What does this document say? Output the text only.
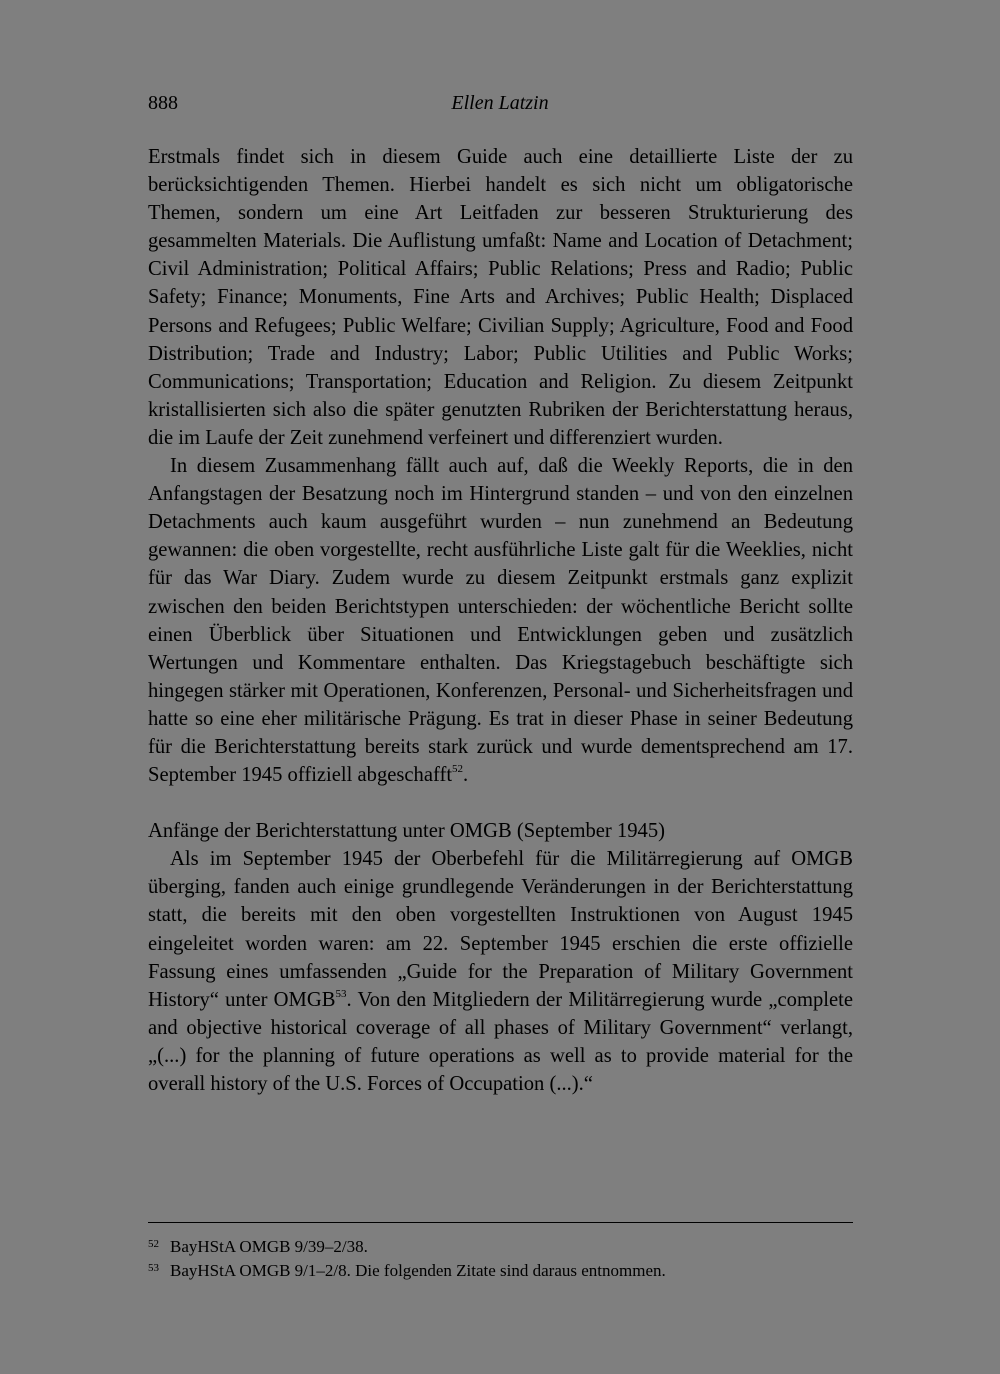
888	Ellen Latzin

Erstmals findet sich in diesem Guide auch eine detaillierte Liste der zu berücksichtigenden Themen. Hierbei handelt es sich nicht um obligatorische Themen, sondern um eine Art Leitfaden zur besseren Strukturierung des gesammelten Materials. Die Auflistung umfaßt: Name and Location of Detachment; Civil Administration; Political Affairs; Public Relations; Press and Radio; Public Safety; Finance; Monuments, Fine Arts and Archives; Public Health; Displaced Persons and Refugees; Public Welfare; Civilian Supply; Agriculture, Food and Food Distribution; Trade and Industry; Labor; Public Utilities and Public Works; Communications; Transportation; Education and Religion. Zu diesem Zeitpunkt kristallisierten sich also die später genutzten Rubriken der Berichterstattung heraus, die im Laufe der Zeit zunehmend verfeinert und differenziert wurden.

In diesem Zusammenhang fällt auch auf, daß die Weekly Reports, die in den Anfangstagen der Besatzung noch im Hintergrund standen – und von den einzelnen Detachments auch kaum ausgeführt wurden – nun zunehmend an Bedeutung gewannen: die oben vorgestellte, recht ausführliche Liste galt für die Weeklies, nicht für das War Diary. Zudem wurde zu diesem Zeitpunkt erstmals ganz explizit zwischen den beiden Berichtstypen unterschieden: der wöchentliche Bericht sollte einen Überblick über Situationen und Entwicklungen geben und zusätzlich Wertungen und Kommentare enthalten. Das Kriegstagebuch beschäftigte sich hingegen stärker mit Operationen, Konferenzen, Personal- und Sicherheitsfragen und hatte so eine eher militärische Prägung. Es trat in dieser Phase in seiner Bedeutung für die Berichterstattung bereits stark zurück und wurde dementsprechend am 17. September 1945 offiziell abgeschafft$^{52}$.

Anfänge der Berichterstattung unter OMGB (September 1945)

Als im September 1945 der Oberbefehl für die Militärregierung auf OMGB überging, fanden auch einige grundlegende Veränderungen in der Berichterstattung statt, die bereits mit den oben vorgestellten Instruktionen von August 1945 eingeleitet worden waren: am 22. September 1945 erschien die erste offizielle Fassung eines umfassenden „Guide for the Preparation of Military Government History“ unter OMGB$^{53}$. Von den Mitgliedern der Militärregierung wurde „complete and objective historical coverage of all phases of Military Government“ verlangt, „(...) for the planning of future operations as well as to provide material for the overall history of the U.S. Forces of Occupation (...).“

52 BayHStA OMGB 9/39–2/38.
53 BayHStA OMGB 9/1–2/8. Die folgenden Zitate sind daraus entnommen.
